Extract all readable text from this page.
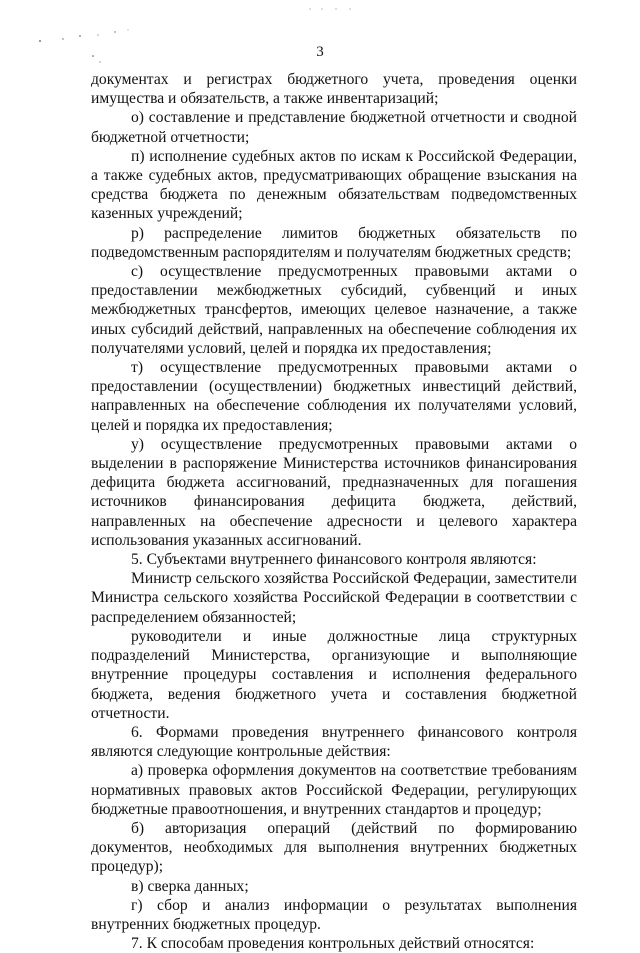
3

документах и регистрах бюджетного учета, проведения оценки имущества и обязательств, а также инвентаризаций;

о) составление и представление бюджетной отчетности и сводной бюджетной отчетности;

п) исполнение судебных актов по искам к Российской Федерации, а также судебных актов, предусматривающих обращение взыскания на средства бюджета по денежным обязательствам подведомственных казенных учреждений;

р) распределение лимитов бюджетных обязательств по подведомственным распорядителям и получателям бюджетных средств;

с) осуществление предусмотренных правовыми актами о предоставлении межбюджетных субсидий, субвенций и иных межбюджетных трансфертов, имеющих целевое назначение, а также иных субсидий действий, направленных на обеспечение соблюдения их получателями условий, целей и порядка их предоставления;

т) осуществление предусмотренных правовыми актами о предоставлении (осуществлении) бюджетных инвестиций действий, направленных на обеспечение соблюдения их получателями условий, целей и порядка их предоставления;

у) осуществление предусмотренных правовыми актами о выделении в распоряжение Министерства источников финансирования дефицита бюджета ассигнований, предназначенных для погашения источников финансирования дефицита бюджета, действий, направленных на обеспечение адресности и целевого характера использования указанных ассигнований.

5. Субъектами внутреннего финансового контроля являются:

Министр сельского хозяйства Российской Федерации, заместители Министра сельского хозяйства Российской Федерации в соответствии с распределением обязанностей;

руководители и иные должностные лица структурных подразделений Министерства, организующие и выполняющие внутренние процедуры составления и исполнения федерального бюджета, ведения бюджетного учета и составления бюджетной отчетности.

6. Формами проведения внутреннего финансового контроля являются следующие контрольные действия:

а) проверка оформления документов на соответствие требованиям нормативных правовых актов Российской Федерации, регулирующих бюджетные правоотношения, и внутренних стандартов и процедур;

б) авторизация операций (действий по формированию документов, необходимых для выполнения внутренних бюджетных процедур);

в) сверка данных;

г) сбор и анализ информации о результатах выполнения внутренних бюджетных процедур.

7. К способам проведения контрольных действий относятся:
